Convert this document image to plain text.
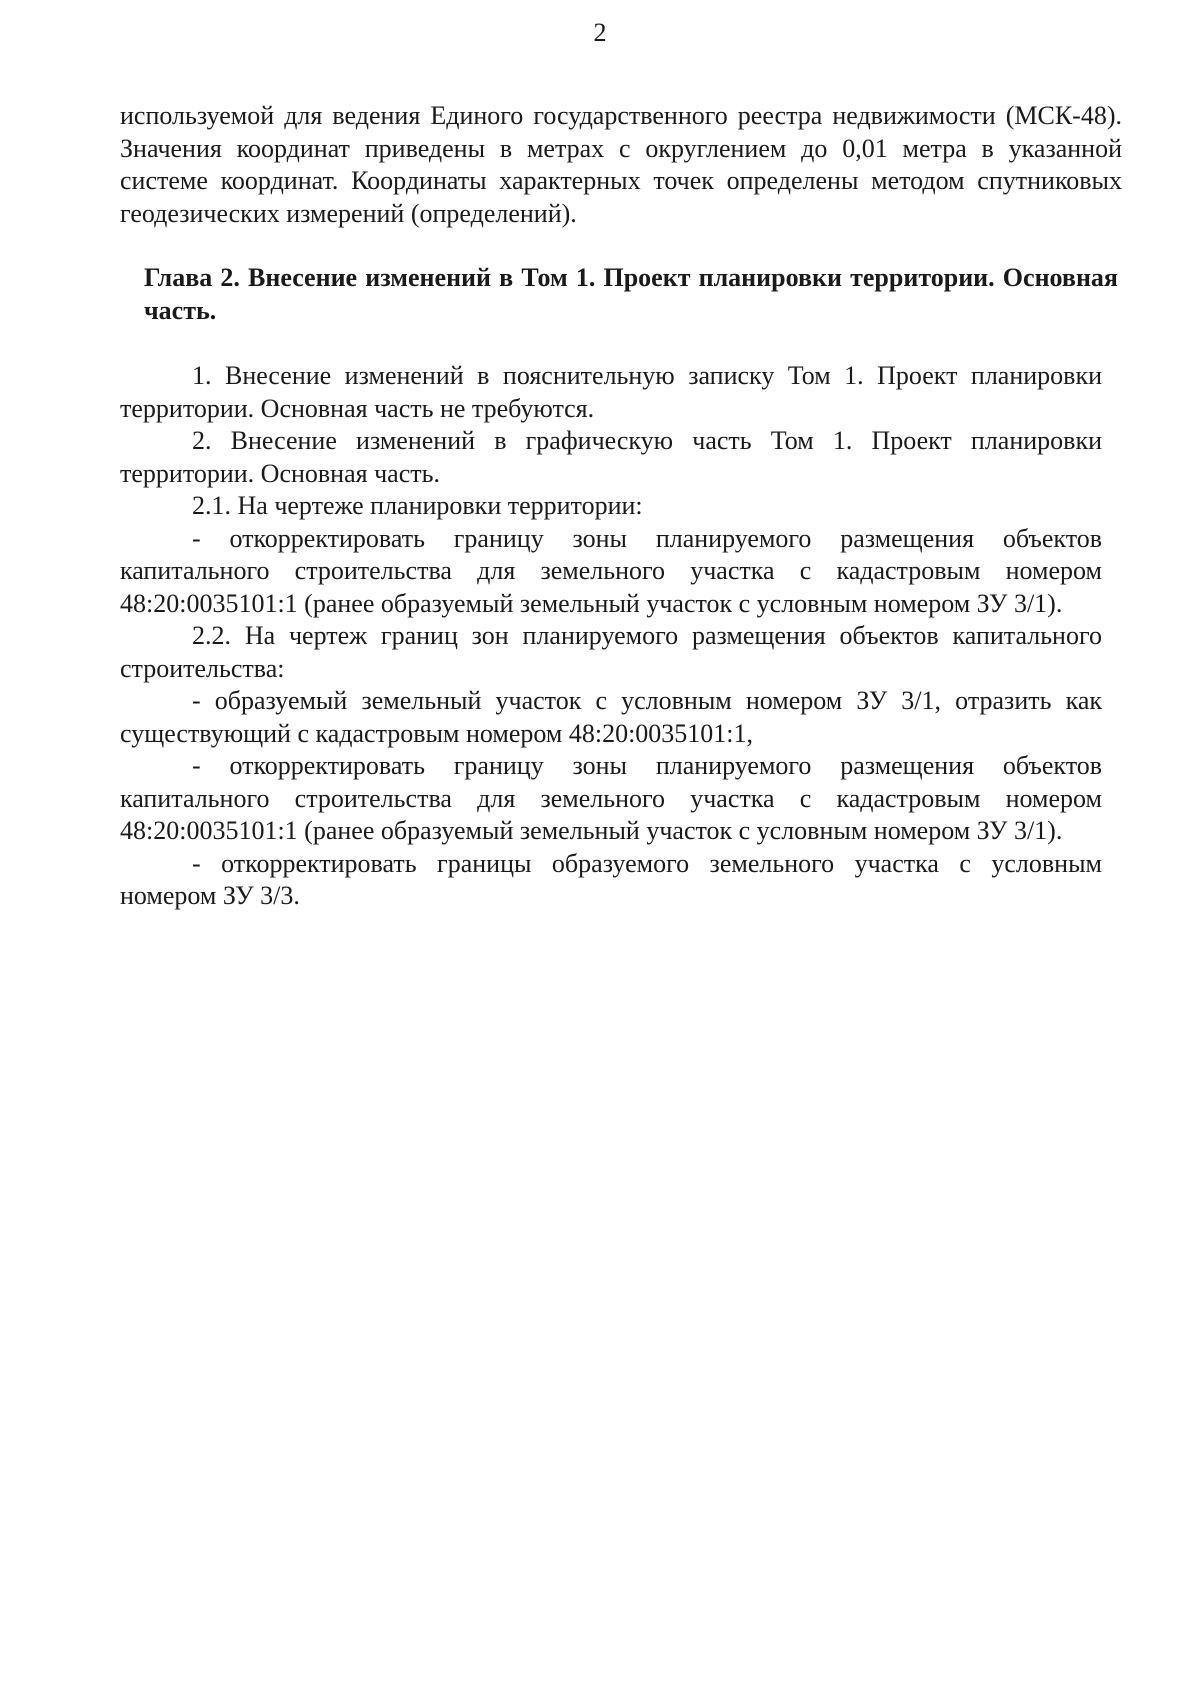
2

используемой для ведения Единого государственного реестра недвижимости (МСК-48). Значения координат приведены в метрах с округлением до 0,01 метра в указанной системе координат. Координаты характерных точек определены методом спутниковых геодезических измерений (определений).

Глава 2. Внесение изменений в Том 1. Проект планировки территории. Основная часть.

1. Внесение изменений в пояснительную записку Том 1. Проект планировки территории. Основная часть не требуются.

2. Внесение изменений в графическую часть Том 1. Проект планировки территории. Основная часть.

2.1. На чертеже планировки территории:

- откорректировать границу зоны планируемого размещения объектов капитального строительства для земельного участка с кадастровым номером 48:20:0035101:1 (ранее образуемый земельный участок с условным номером ЗУ 3/1).

2.2. На чертеж границ зон планируемого размещения объектов капитального строительства:

- образуемый земельный участок с условным номером ЗУ 3/1, отразить как существующий с кадастровым номером 48:20:0035101:1,

- откорректировать границу зоны планируемого размещения объектов капитального строительства для земельного участка с кадастровым номером 48:20:0035101:1 (ранее образуемый земельный участок с условным номером ЗУ 3/1).

- откорректировать границы образуемого земельного участка с условным номером ЗУ 3/3.
